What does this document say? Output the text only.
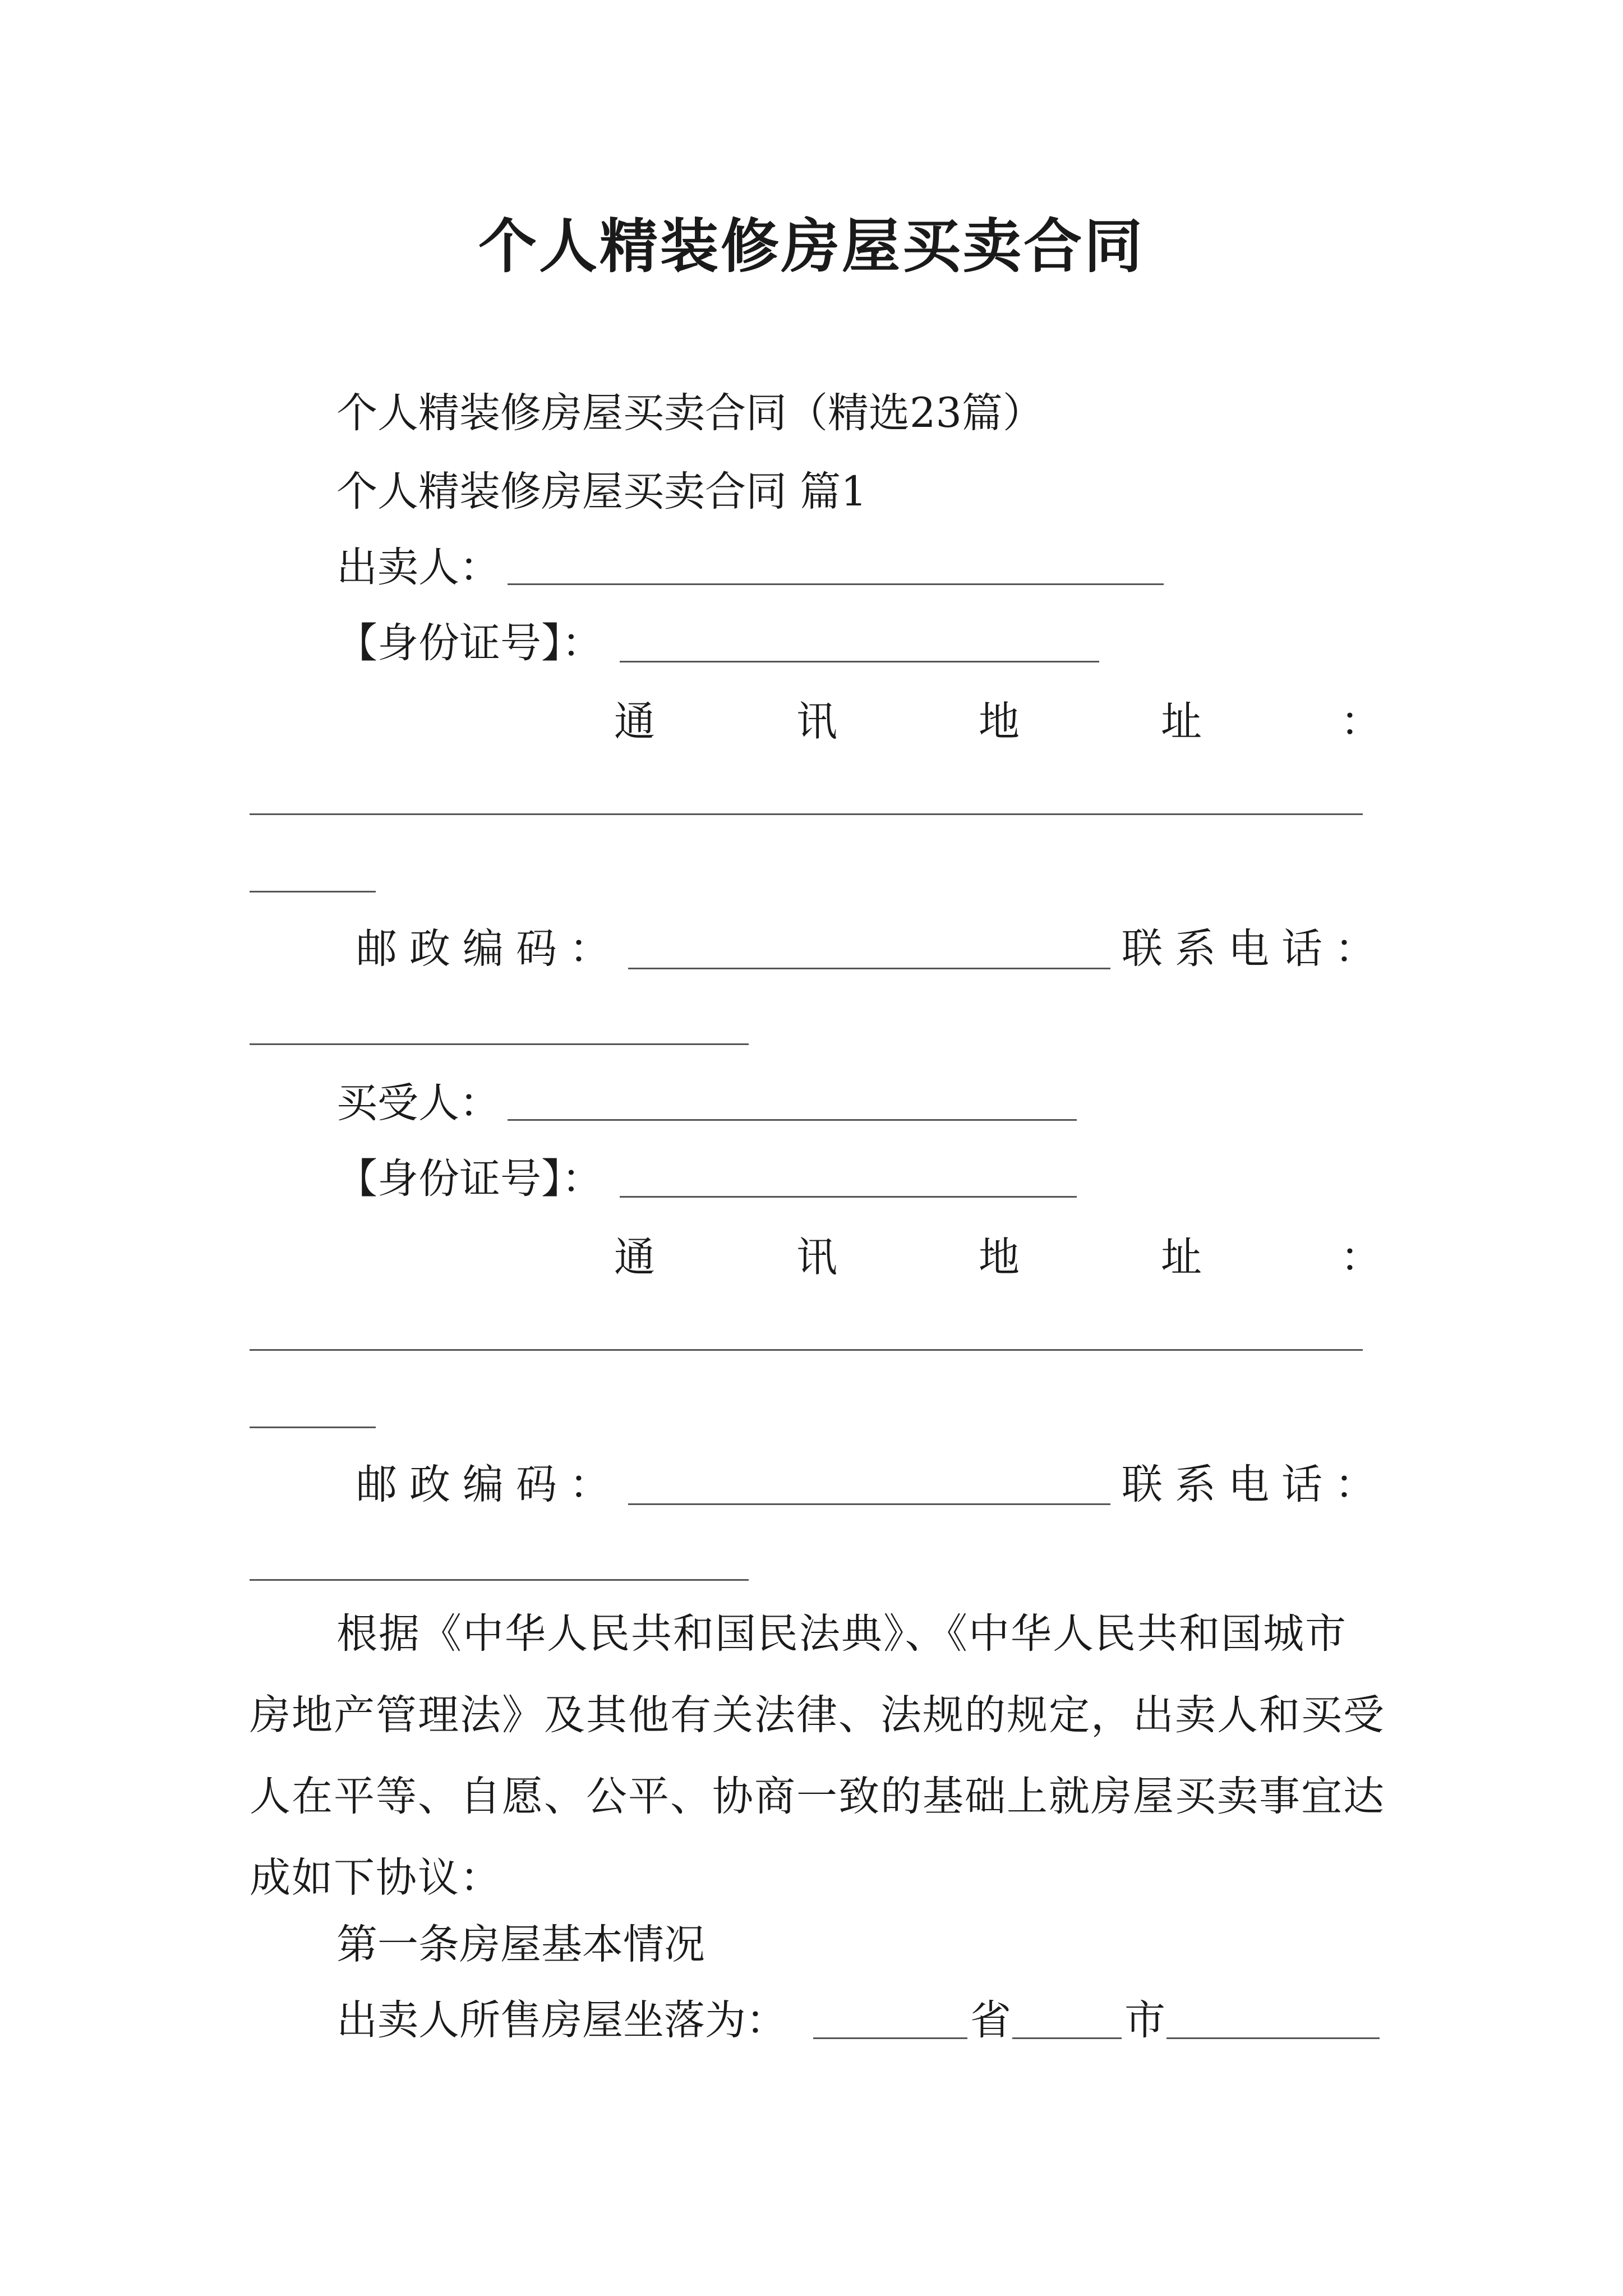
个人精装修房屋买卖合同
个人精装修房屋买卖合同（精选23篇）
个人精装修房屋买卖合同 篇1
出卖人：
【身份证号】：
通	讯	地	址	：
邮政编码：	联系电话：
买受人：
【身份证号】：
通	讯	地	址	：
邮政编码：	联系电话：
根据《中华人民共和国民法典》、《中华人民共和国城市房地产管理法》及其他有关法律、法规的规定，出卖人和买受人在平等、自愿、公平、协商一致的基础上就房屋买卖事宜达成如下协议：
第一条房屋基本情况
出卖人所售房屋坐落为：	省	市
